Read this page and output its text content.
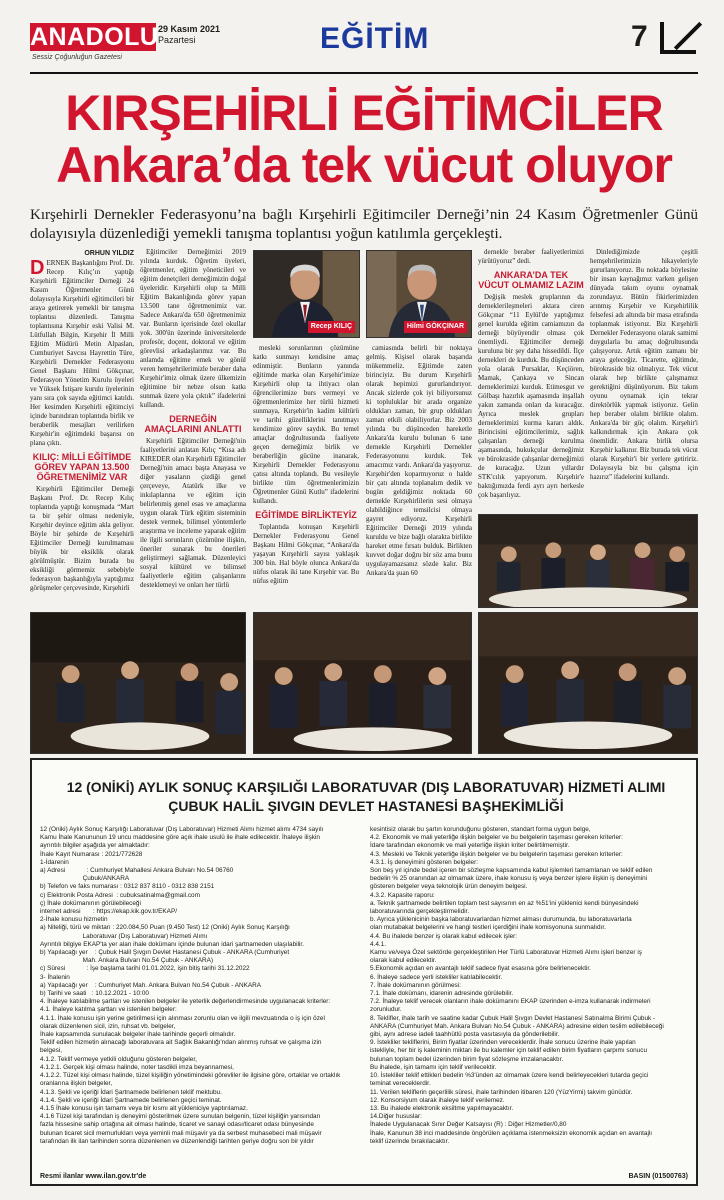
ANADOLU
Sessiz Çoğunluğun Gazetesi
29 Kasım 2021
Pazartesi	EĞİTİM	7
KIRŞEHİRLİ EĞİTİMCİLER
Ankara’da tek vücut oluyor
Kırşehirli Dernekler Federasyonu’na bağlı Kırşehirli Eğitimciler Derneği’nin 24 Kasım Öğretmenler Günü dolayısıyla düzenlediği yemekli tanışma toplantısı yoğun katılımla gerçekleşti.
ORHUN YILDIZ

DERNEK Başkanlığını Prof. Dr. Recep Kılıç’ın yaptığı Kırşehirli Eğitimciler Derneği 24 Kasım Öğretmenler Günü dolayısıyla Kırşehirli eğitimcileri bir araya getirerek yemekli bir tanışma toplantısı düzenledi. Tanışma toplantısına Kırşehir eski Valisi M. Lütfullah Bilgin, Kırşehir İl Milli Eğitim Müdürü Metin Alpaslan, Cumhuriyet Savcısı Hayrettin Türe, Kırşehirli Dernekler Federasyonu Genel Başkanı Hilmi Gökçınar, Federasyon Yönetim Kurulu üyeleri ve Yüksek İstişare kurulu üyelerinin yanı sıra çok sayıda eğitimci katıldı. Her kesimden Kırşehirli eğitimciyi içinde barındıran toplantıda birlik ve beraberlik mesajları verilirken Kırşehir'in eğitimdeki başarısı on plana çıktı.

KILIÇ: MİLLİ EĞİTİMDE GÖREV YAPAN 13.500 ÖĞRETMENİMİZ VAR

Kırşehirli Eğitimciler Derneği Başkanı Prof. Dr. Recep Kılıç toplantıda yaptığı konuşmada “Mart ta bir şehir olması nedeniyle, Kırşehir deyince eğitim akla geliyor. Böyle bir şehirde de Kırşehirli Eğitimciler Derneği kurulmaması büyük bir eksiklik olarak görülmüştür. Bizim burada bu eksikliği görmemiz sebebiyle federasyon başkanlığıyla yaptığımız görüşmeler çerçevesinde, Kırşehirli

Eğitimciler Derneğimizi 2019 yılında kurduk. Öğretim üyeleri, öğretmenler, eğitim yöneticileri ve eğitim denetçileri derneğimizin doğal üyeleridir. Kırşehirli olup ta Milli Eğitim Bakanlığında görev yapan 13.500 tane öğretmenimiz var. Sadece Ankara'da 650 öğretmenimiz var. Bunların içerisinde özel okullar yok. 300'ün üzerinde üniversitelerde profesör, doçent, doktoral ve eğitim görevlisi arkadaşlarımız var. Bu anlamda eğitime emek ve gönül veren hemşehrilerimizle beraber daha Kırşehir'imiz olmak üzere ülkemizin eğitimine bir nebze olsun katkı sunmak üzere yola çıktık” ifadelerini kullandı.

DERNEĞİN AMAÇLARINI ANLATTI

Kırşehirli Eğitimciler Derneği'nin faaliyetlerini anlatan Kılıç “Kısa adı KIREDER olan Kırşehirli Eğitimciler Derneği'nin amacı başta Anayasa ve diğer yasaların çizdiği genel çerçeveye, Atatürk ilke ve inkılaplarına ve eğitim için belirlenmiş genel esas ve amaçlarına uygun olarak Türk eğitim sisteminin destek vermek, bilimsel yöntemlerle araştırma ve inceleme yaparak eğitim ile ilgili sorunların çözümüne ilişkin, öneriler sunarak bu önerileri geliştirmeyi sağlamak. Düzenleyici sosyal kültürel ve bilimsel faaliyetlerle eğitim çalışanlarını desteklemeyi ve onları her türlü

Recep KILIÇ	Hilmi GÖKÇINAR

mesleki sorunlarının çözümüne katkı sunmayı kendisine amaç edinmiştir. Bunların yanında eğitimde marka olan Kırşehir'imize Kırşehirli olup ta ihtiyacı olan öğrencilerimize burs vermeyi ve öğretmenlerimize her türlü hizmeti sunmaya, Kırşehir'in kadim kültürü ve tarihi güzelliklerini tanıtmayı kendimize görev saydık. Bu temel amaçlar doğrultusunda faaliyete geçen derneğimiz birlik ve beraberliğin gücüne inanarak, Kırşehirli Dernekler Federasyonu çatısı altında toplandı. Bu vesileyle birlikte tüm öğretmenlerimizin Öğretmenler Günü Kutlu” ifadelerini kullandı.

EĞİTİMDE BİRLİKTEYİZ

Toplantıda konuşan Kırşehirli Dernekler Federasyonu Genel Başkanı Hilmi Gökçınar, “Ankara'da yaşayan Kırşehirli sayısı yaklaşık 300 bin. Hal böyle olunca Ankara'da nüfus olarak iki tane Kırşehir var. Bu nüfus eğitim

camiasında belirli bir noktaya gelmiş. Kişisel olarak başarıda mükemmeliz. Eğitimde zaten birinciyiz. Bu durum Kırşehirli olarak hepimizi gururlandırıyor. Ancak sizlerde çok iyi biliyorsunuz ki topluluklar bir arada organize oldukları zaman, bir grup oldukları zaman etkili olabiliyorlar. Biz 2003 yılında bu düşünceden hareketle Ankara'da kurulu bulunan 6 tane dernekle Kırşehirli Dernekler Federasyonunu kurduk. Tek amacımız vardı. Ankara'da yaşıyoruz. Kırşehir'den koparmıyoruz o halde bir çatı altında toplanalım dedik ve bugün geldiğimiz noktada 60 dernekle Kırşehirlilerin sesi olmaya olabildiğince temsilcisi olmaya gayret ediyoruz. Kırşehirli Eğitimciler Derneği 2019 yılında kuruldu ve bize bağlı olarakta birlikte hareket etme fırsatı bulduk. Birlikten kuvvet doğar doğru bir söz ama bunu uygulayamazsanız sözde kalır. Biz Ankara'da şuan 60

dernekle beraber faaliyetlerimizi yürütüyoruz” dedi.

ANKARA’DA TEK VÜCUT OLMAMIZ LAZIM

Değişik meslek gruplarının da derneklerileşmeleri aktara ciren Gökçınar “11 Eylül'de yaptığımız genel kurulda eğitim camiamızın da derneği büyüyendir olması çok önemliydi. Eğitimciler derneği kuruluna bir şey daha hissedildi. İlçe dernekleri de kurduk. Bu düşünceden yola olarak Pursaklar, Keçiören, Mamak, Çankaya ve Sincan derneklerimizi kurduk. Etimesgut ve Gölbaşı hazırlık aşamasında inşallah yakın zamanda onları da kuracağız. Ayrıca meslek grupları derneklerimizi kurma kararı aldık. Birincisini eğitimcilerimiz, sağlık çalışanları derneği kurulma aşamasında, hukukçular derneğimiz ve bürokraside çalışanlar derneğimizi de kuracağız. Uzun yıllardır STK'cılık yapıyorum. Kırşehir'e baktığımızda ferdi ayrı ayrı herkesle çok başarılıyız.

Dinlediğimizde çeşitli hemşehrilerimizin hikayeleriyle gururlanıyoruz. Bu noktada böylesine bir insan kaynağımız varken gelişen dünyada takım oyunu oynamak zorundayız. Bütün fikirlerimizden arınmış Kırşehir ve Kırşehirlilik felsefesi adı altında bir masa etrafında toplanmak istiyoruz. Biz Kırşehirli Dernekler Federasyonu olarak samimi duygularla bu amaç doğrultusunda çalışıyoruz. Artık eğitim zamanı bir araya geleceğiz. Ticarette, eğitimde, bürokraside biz olmalıyız. Tek vücut olarak hep birlikte çalışmamız gerektiğini düşünüyorum. Biz takım oyunu oynamak için tekrar direktörlük yapmak istiyoruz. Gelin hep beraber olalım birlikte olalım. Ankara'da bir güç olalım. Kırşehir'i kalkındırmak için Ankara çok önemlidir. Ankara birlik olursa Kırşehir kalkınır. Biz burada tek vücut olarak Kırşehir'i bir yerlere getiririz. Dolayısıyla biz bu çalışma için hazırız” ifadelerini kullandı.

12 (ONİKİ) AYLIK SONUÇ KARŞILIĞI LABORATUVAR (DIŞ LABORATUVAR) HİZMETİ ALIMI ÇUBUK HALİL ŞIVGIN DEVLET HASTANESİ BAŞHEKİMLİĞİ
12 (Oniki) Aylık Sonuç Karşılığı Laboratuvar (Dış Laboratuvar) Hizmeti Alımı hizmet alımı 4734 sayılı
Kamu İhale Kanununun 19 uncu maddesine göre açık ihale usulü ile ihale edilecektir. İhaleye ilişkin
ayrıntılı bilgiler aşağıda yer almaktadır:
İhale Kayıt Numarası : 2021/772628
1-İdarenin
a) Adresi            : Cumhuriyet Mahallesi Ankara Bulvarı No.54 06760
Çubuk/ANKARA
b) Telefon ve faks numarası : 0312 837 8110 - 0312 838 2151
c) Elektronik Posta Adresi  : cubuksatinalma@gmail.com
ç) İhale dokümanının görülebileceği
internet adresi       : https://ekap.kik.gov.tr/EKAP/
2-İhale konusu hizmetin
a) Niteliği, türü ve miktarı : 220.084,50 Puan (9.450 Test) 12 (Oniki) Aylık Sonuç Karşılığı
Laboratuvar (Dış Laboratuvar) Hizmeti Alımı
Ayrıntılı bilgiye EKAP'ta yer alan ihale dokümanı içinde bulunan idari şartnameden ulaşılabilir.
b) Yapılacağı yer    : Çubuk Halil Şıvgın Devlet Hastanesi Çubuk - ANKARA (Cumhuriyet
Mah. Ankara Bulvarı No.54 Çubuk - ANKARA)
c) Süresi            : İşe başlama tarihi 01.01.2022, işin bitiş tarihi 31.12.2022
3- İhalenin
a) Yapılacağı yer    : Cumhuriyet Mah. Ankara Bulvarı No.54 Çubuk - ANKARA
b) Tarihi ve saati   : 10.12.2021 - 10:00
4. İhaleye katılabilme şartları ve istenilen belgeler ile yeterlik değerlendirmesinde uygulanacak kriterler:
4.1. İhaleye katılma şartları ve istenilen belgeler:
4.1.1. İhale konusu işin yerine getirilmesi için alınması zorunlu olan ve ilgili mevzuatında o iş için özel
olarak düzenlenen sicil, izin, ruhsat vb. belgeler,
İhale kapsamında sunulacak belgeler ihale tarihinde geçerli olmalıdır.
Teklif edilen hizmetin alınacağı laboratuvara ait Sağlık Bakanlığı'ndan alınmış ruhsat ve çalışma izin
belgesi,
4.1.2. Teklif vermeye yetkili olduğunu gösteren belgeler,
4.1.2.1. Gerçek kişi olması halinde, noter tasdikli imza beyannamesi,
4.1.2.2. Tüzel kişi olması halinde, tüzel kişiliğin yönetimindeki görevliler ile ilgisine göre, ortaklar ve ortaklık
oranlarına ilişkin belgeler,
4.1.3. Şekli ve içeriği İdari Şartnamede belirlenen teklif mektubu.
4.1.4. Şekli ve içeriği İdari Şartnamede belirlenen geçici teminat.
4.1.5 İhale konusu işin tamamı veya bir kısmı alt yükleniciye yaptırılamaz.
4.1.6 Tüzel kişi tarafından iş deneyimi gösterilmek üzere sunulan belgenin, tüzel kişiliğin yarısından
fazla hissesine sahip ortağına ait olması halinde, ticaret ve sanayi odası/ticaret odası bünyesinde
bulunan ticaret sicil memurlukları veya yeminli mali müşavir ya da serbest muhasebeci mali müşavir
tarafından ilk ilan tarihinden sonra düzenlenen ve düzenlendiği tarihten geriye doğru son bir yıldır
kesintisiz olarak bu şartın korunduğunu gösteren, standart forma uygun belge,
4.2. Ekonomik ve mali yeterliğe ilişkin belgeler ve bu belgelerin taşıması gereken kriterler:
İdare tarafından ekonomik ve mali yeterliğe ilişkin kriter belirtilmemiştir.
4.3. Mesleki ve Teknik yeterliğe ilişkin belgeler ve bu belgelerin taşıması gereken kriterler:
4.3.1. İş deneyimini gösteren belgeler:
Son beş yıl içinde bedel içeren bir sözleşme kapsamında kabul işlemleri tamamlanan ve teklif edilen
bedelin % 25 oranından az olmamak üzere, ihale konusu iş veya benzer işlere ilişkin iş deneyimini
gösteren belgeler veya teknolojik ürün deneyim belgesi.
4.3.2. Kapasite raporu:
a. Teknik şartnamede belirtilen toplam test sayısının en az %51'ini yüklenici kendi bünyesindeki
laboratuvarında gerçekleştirmelidir.
b. Ayrıca yüklenicinin başka laboratuvarlardan hizmet alması durumunda, bu laboratuvarlarla
olan mutabakat belgelerini ve hangi testleri içerdiğini ihale komisyonuna sunmalıdır.
4.4. Bu ihalede benzer iş olarak kabul edilecek işler:
4.4.1.
Kamu ve/veya Özel sektörde gerçekleştirilen Her Türlü Laboratuvar Hizmeti Alımı işleri benzer iş
olarak kabul edilecektir.
5.Ekonomik açıdan en avantajlı teklif sadece fiyat esasına göre belirlenecektir.
6. İhaleye sadece yerli istekliler katılabilecektir.
7. İhale dokümanının görülmesi:
7.1. İhale dokümanı, idarenin adresinde görülebilir.
7.2. İhaleye teklif verecek olanların ihale dokümanını EKAP üzerinden e-imza kullanarak indirmeleri
zorunludur.
8. Teklifler, ihale tarih ve saatine kadar Çubuk Halil Şıvgın Devlet Hastanesi Satınalma Birimi Çubuk -
ANKARA (Cumhuriyet Mah. Ankara Bulvarı No.54 Çubuk - ANKARA) adresine elden teslim edilebileceği
gibi, aynı adrese iadeli taahhütlü posta vasıtasıyla da gönderilebilir.
9. İstekliler tekliflerini, Birim fiyatlar üzerinden vereceklerdir. İhale sonucu üzerine ihale yapılan
istekliyle, her bir iş kaleminin miktarı ile bu kalemler için teklif edilen birim fiyatların çarpımı sonucu
bulunan toplam bedel üzerinden birim fiyat sözleşme imzalanacaktır.
Bu ihalede, işin tamamı için teklif verilecektir.
10. İstekliler teklif ettikleri bedelin %3'ünden az olmamak üzere kendi belirleyecekleri tutarda geçici
teminat vereceklerdir.
11. Verilen tekliflerin geçerlilik süresi, ihale tarihinden itibaren 120 (YüzYirmi) takvim günüdür.
12. Konsorsiyum olarak ihaleye teklif verilemez.
13. Bu ihalede elektronik eksiltme yapılmayacaktır.
14.Diğer hususlar:
İhalede Uygulanacak Sınır Değer Katsayısı (R) : Diğer Hizmetler/0,80
İhale, Kanunun 38 inci maddesinde öngörülen açıklama istenmeksizin ekonomik açıdan en avantajlı
teklif üzerinde bırakılacaktır.
Resmi ilanlar www.ilan.gov.tr'de	BASIN (01500763)
